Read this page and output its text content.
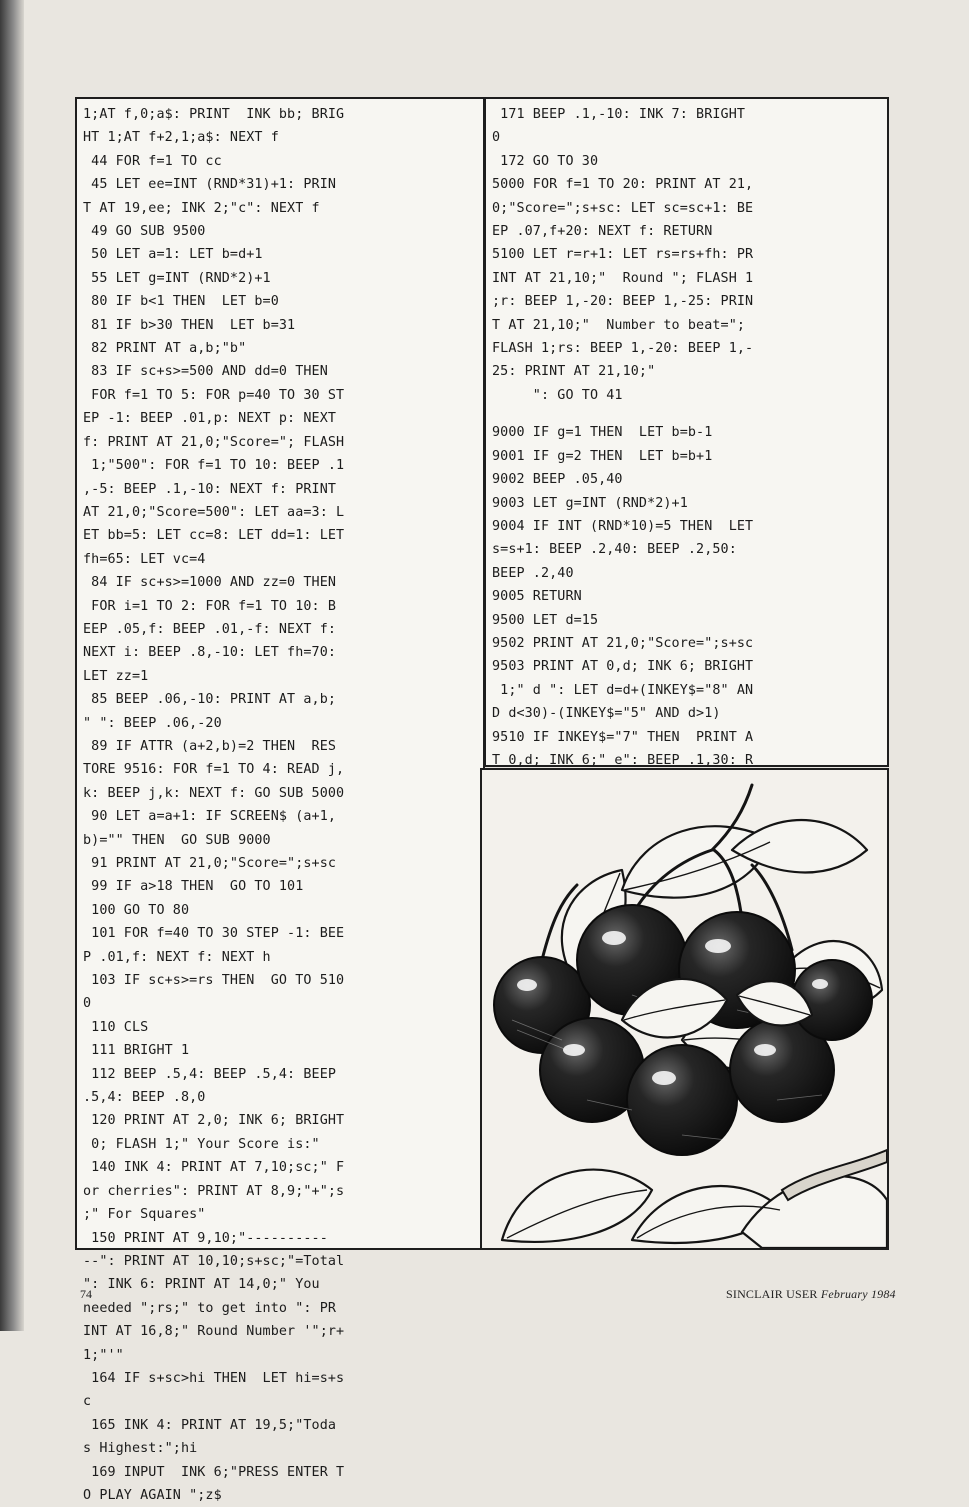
1;AT f,0;a$: PRINT  INK bb; BRIG
HT 1;AT f+2,1;a$: NEXT f
44 FOR f=1 TO cc
45 LET ee=INT (RND*31)+1: PRIN
T AT 19,ee; INK 2;"c": NEXT f
49 GO SUB 9500
50 LET a=1: LET b=d+1
55 LET g=INT (RND*2)+1
80 IF b<1 THEN  LET b=0
81 IF b>30 THEN  LET b=31
82 PRINT AT a,b;"b"
83 IF sc+s>=500 AND dd=0 THEN
FOR f=1 TO 5: FOR p=40 TO 30 ST
EP -1: BEEP .01,p: NEXT p: NEXT
f: PRINT AT 21,0;"Score="; FLASH
1;"500": FOR f=1 TO 10: BEEP .1
,-5: BEEP .1,-10: NEXT f: PRINT
AT 21,0;"Score=500": LET aa=3: L
ET bb=5: LET cc=8: LET dd=1: LET
fh=65: LET vc=4
84 IF sc+s>=1000 AND zz=0 THEN
FOR i=1 TO 2: FOR f=1 TO 10: B
EEP .05,f: BEEP .01,-f: NEXT f:
NEXT i: BEEP .8,-10: LET fh=70:
LET zz=1
85 BEEP .06,-10: PRINT AT a,b;
" ": BEEP .06,-20
89 IF ATTR (a+2,b)=2 THEN  RES
TORE 9516: FOR f=1 TO 4: READ j,
k: BEEP j,k: NEXT f: GO SUB 5000
90 LET a=a+1: IF SCREEN$ (a+1,
b)="" THEN  GO SUB 9000
91 PRINT AT 21,0;"Score=";s+sc
99 IF a>18 THEN  GO TO 101
100 GO TO 80
101 FOR f=40 TO 30 STEP -1: BEE
P .01,f: NEXT f: NEXT h
103 IF sc+s>=rs THEN  GO TO 510
0
110 CLS
111 BRIGHT 1
112 BEEP .5,4: BEEP .5,4: BEEP
.5,4: BEEP .8,0
120 PRINT AT 2,0; INK 6; BRIGHT
0; FLASH 1;" Your Score is:"
140 INK 4: PRINT AT 7,10;sc;" F
or cherries": PRINT AT 8,9;"+";s
;" For Squares"
150 PRINT AT 9,10;"----------
--": PRINT AT 10,10;s+sc;"=Total
": INK 6: PRINT AT 14,0;" You
needed ";rs;" to get into ": PR
INT AT 16,8;" Round Number '";r+
1;"'"
164 IF s+sc>hi THEN  LET hi=s+s
c
165 INK 4: PRINT AT 19,5;"Toda
s Highest:";hi
169 INPUT  INK 6;"PRESS ENTER T
O PLAY AGAIN ";z$
171 BEEP .1,-10: INK 7: BRIGHT
0
172 GO TO 30
5000 FOR f=1 TO 20: PRINT AT 21,
0;"Score=";s+sc: LET sc=sc+1: BE
EP .07,f+20: NEXT f: RETURN
5100 LET r=r+1: LET rs=rs+fh: PR
INT AT 21,10;"  Round "; FLASH 1
;r: BEEP 1,-20: BEEP 1,-25: PRIN
T AT 21,10;"  Number to beat=";
FLASH 1;rs: BEEP 1,-20: BEEP 1,-
25: PRINT AT 21,10;"
": GO TO 41
9000 IF g=1 THEN  LET b=b-1
9001 IF g=2 THEN  LET b=b+1
9002 BEEP .05,40
9003 LET g=INT (RND*2)+1
9004 IF INT (RND*10)=5 THEN  LET
s=s+1: BEEP .2,40: BEEP .2,50:
BEEP .2,40
9005 RETURN
9500 LET d=15
9502 PRINT AT 21,0;"Score=";s+sc
9503 PRINT AT 0,d; INK 6; BRIGHT
1;" d ": LET d=d+(INKEY$="8" AN
D d<30)-(INKEY$="5" AND d>1)
9510 IF INKEY$="7" THEN  PRINT A
T 0,d; INK 6;" e": BEEP .1,30: R
74	SINCLAIR USER February 1984
